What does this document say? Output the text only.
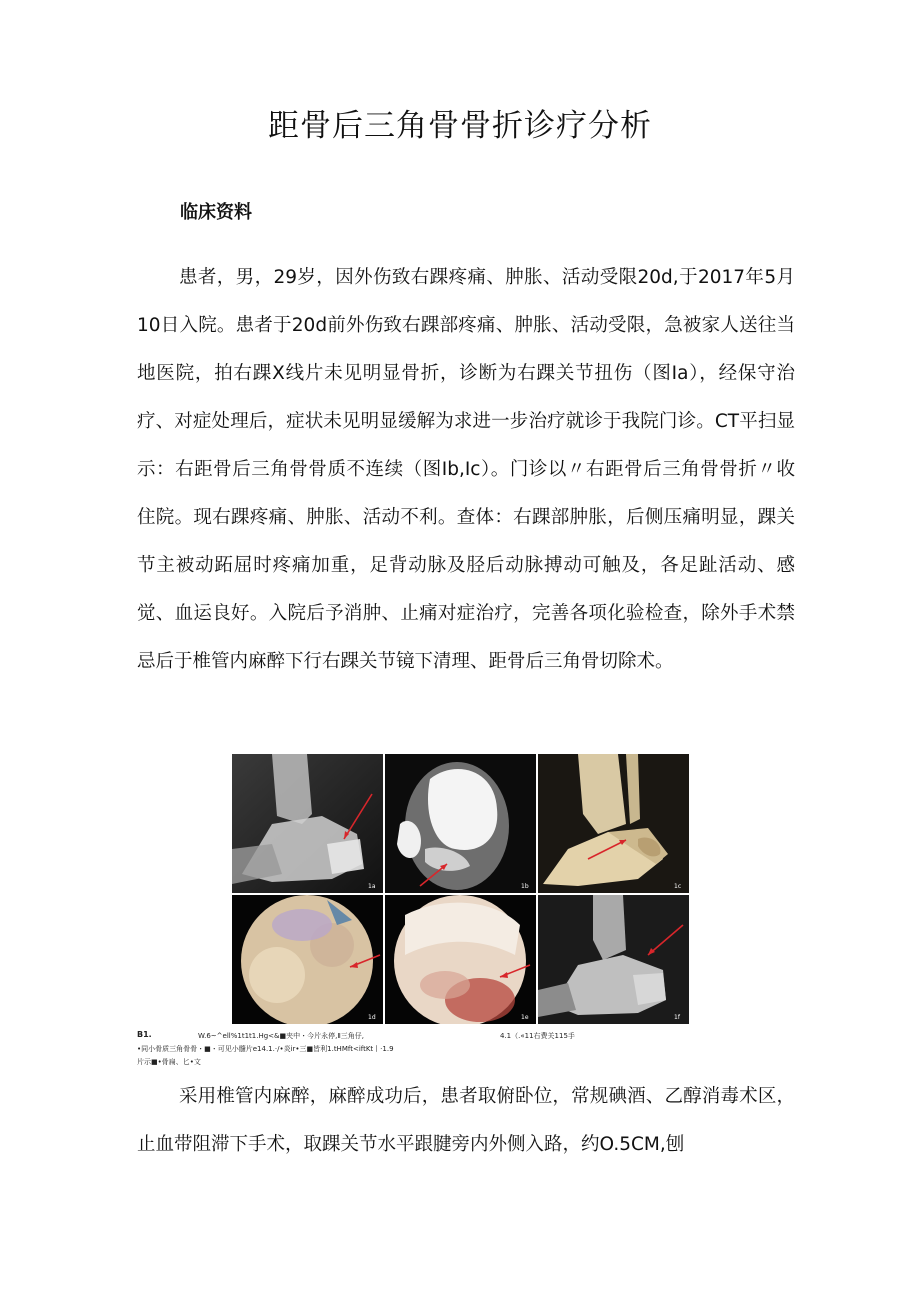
距骨后三角骨骨折诊疗分析
临床资料

患者，男，29岁，因外伤致右踝疼痛、肿胀、活动受限20d,于2017年5月10日入院。患者于20d前外伤致右踝部疼痛、肿胀、活动受限，急被家人送往当地医院，拍右踝X线片未见明显骨折，诊断为右踝关节扭伤（图Ia），经保守治疗、对症处理后，症状未见明显缓解为求进一步治疗就诊于我院门诊。CT平扫显示：右距骨后三角骨骨质不连续（图Ib,Ic）。门诊以〃右距骨后三角骨骨折〃收住院。现右踝疼痛、肿胀、活动不利。查体：右踝部肿胀，后侧压痛明显，踝关节主被动跖屈时疼痛加重，足背动脉及胫后动脉搏动可触及，各足趾活动、感觉、血运良好。入院后予消肿、止痛对症治疗，完善各项化验检查，除外手术禁忌后于椎管内麻醉下行右踝关节镜下清理、距骨后三角骨切除术。

1a	1b	1c
1d	1e	1f
B1.	W.6~^ell%1t1t1.Hg<&■夹中・今片永停,Ⅱ三角仔,	4.1（.«11右费关115手
•同小骨质三角骨骨・■・可见小髓片e14.1.·/•炎ir•三■皆利1.tHMft<iftKt丨·1.9
片示■•骨扁、匕•文

采用椎管内麻醉，麻醉成功后，患者取俯卧位，常规碘酒、乙醇消毒术区，止血带阻滞下手术，取踝关节水平跟腱旁内外侧入路，约O.5CM,刨
